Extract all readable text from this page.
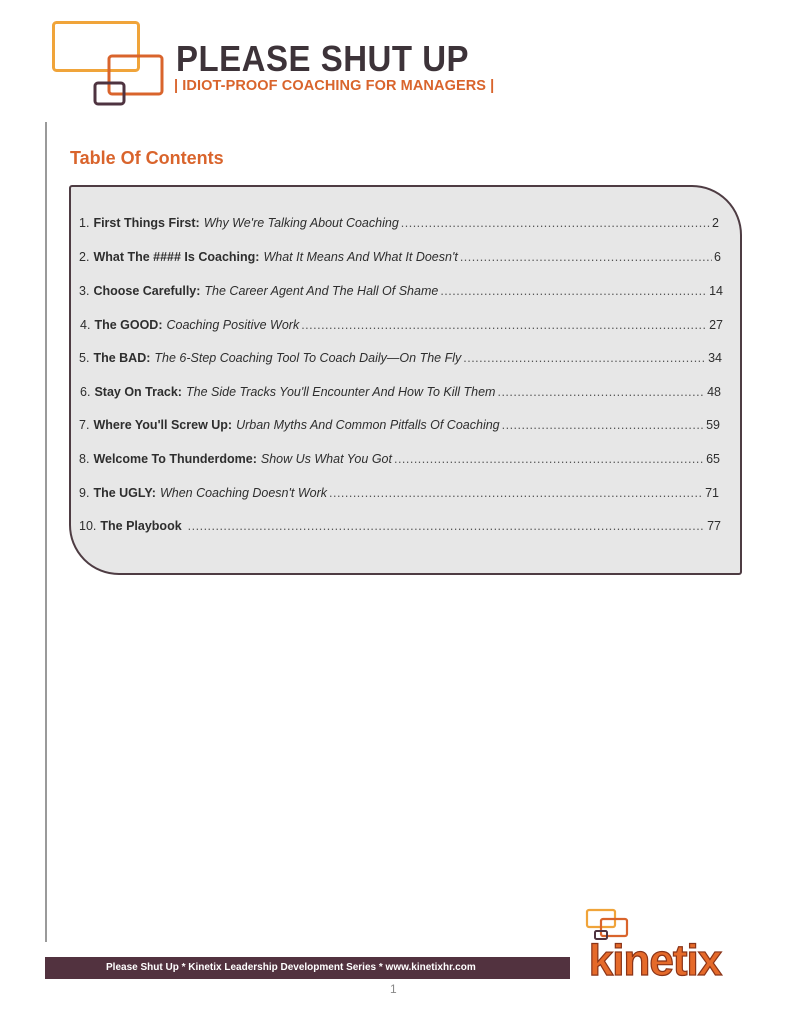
PLEASE SHUT UP
| IDIOT-PROOF COACHING FOR MANAGERS |
Table Of Contents
1. First Things First: Why We're Talking About Coaching .....	2
2. What The #### Is Coaching: What It Means And What It Doesn't .....	6
3. Choose Carefully: The Career Agent And The Hall Of Shame .....	14
4. The GOOD: Coaching Positive Work .....	27
5. The BAD: The 6-Step Coaching Tool To Coach Daily—On The Fly .....	34
6. Stay On Track: The Side Tracks You'll Encounter And How To Kill Them .....	48
7. Where You'll Screw Up: Urban Myths And Common Pitfalls Of Coaching .....	59
8. Welcome To Thunderdome: Show Us What You Got .....	65
9. The UGLY: When Coaching Doesn't Work .....	71
10. The Playbook .....	77
Please Shut Up * Kinetix Leadership Development Series * www.kinetixhr.com	kinetix
1
